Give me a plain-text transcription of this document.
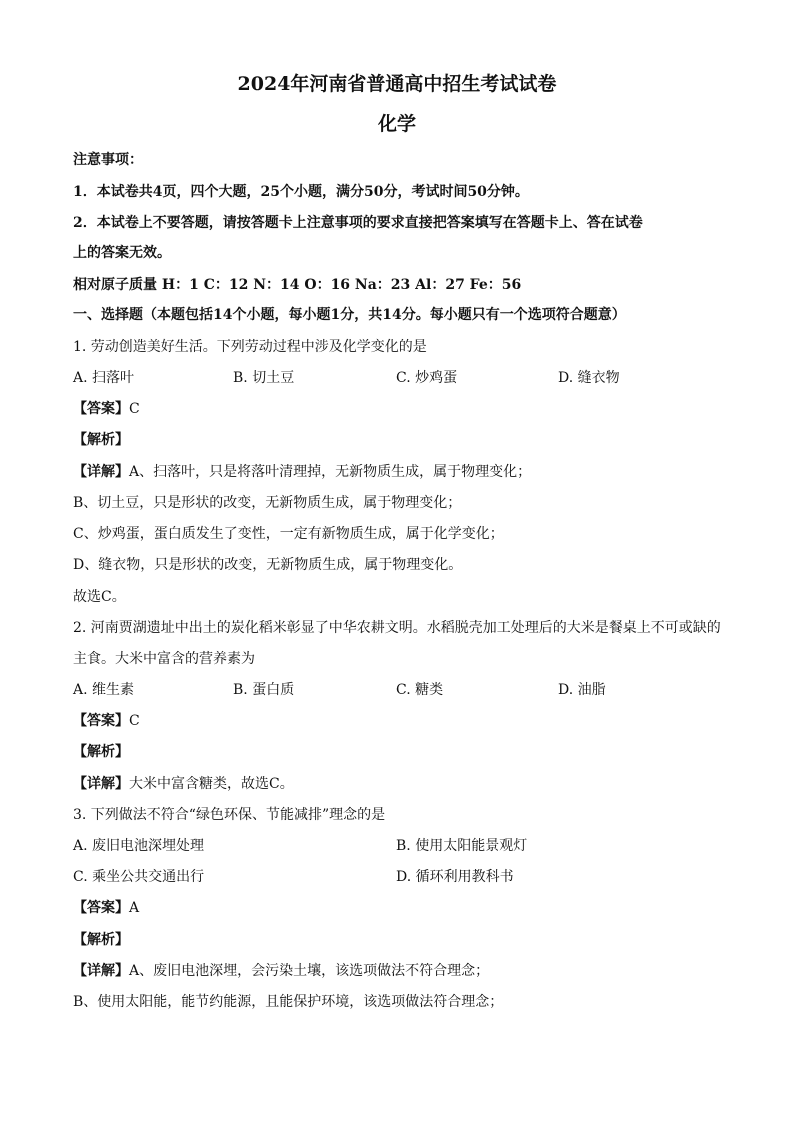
2024年河南省普通高中招生考试试卷
化学
注意事项：
1．本试卷共4页，四个大题，25个小题，满分50分，考试时间50分钟。
2．本试卷上不要答题，请按答题卡上注意事项的要求直接把答案填写在答题卡上、答在试卷
上的答案无效。
相对原子质量 H：1 C：12 N：14 O：16 Na：23 Al：27 Fe：56
一、选择题（本题包括14个小题，每小题1分，共14分。每小题只有一个选项符合题意）
1. 劳动创造美好生活。下列劳动过程中涉及化学变化的是
A. 扫落叶	B. 切土豆	C. 炒鸡蛋	D. 缝衣物
【答案】C
【解析】
【详解】A、扫落叶，只是将落叶清理掉，无新物质生成，属于物理变化；
B、切土豆，只是形状的改变，无新物质生成，属于物理变化；
C、炒鸡蛋，蛋白质发生了变性，一定有新物质生成，属于化学变化；
D、缝衣物，只是形状的改变，无新物质生成，属于物理变化。
故选C。
2. 河南贾湖遗址中出土的炭化稻米彰显了中华农耕文明。水稻脱壳加工处理后的大米是餐桌上不可或缺的
主食。大米中富含的营养素为
A. 维生素	B. 蛋白质	C. 糖类	D. 油脂
【答案】C
【解析】
【详解】大米中富含糖类，故选C。
3. 下列做法不符合“绿色环保、节能减排”理念的是
A. 废旧电池深埋处理	B. 使用太阳能景观灯
C. 乘坐公共交通出行	D. 循环利用教科书
【答案】A
【解析】
【详解】A、废旧电池深埋，会污染土壤，该选项做法不符合理念；
B、使用太阳能，能节约能源，且能保护环境，该选项做法符合理念；
